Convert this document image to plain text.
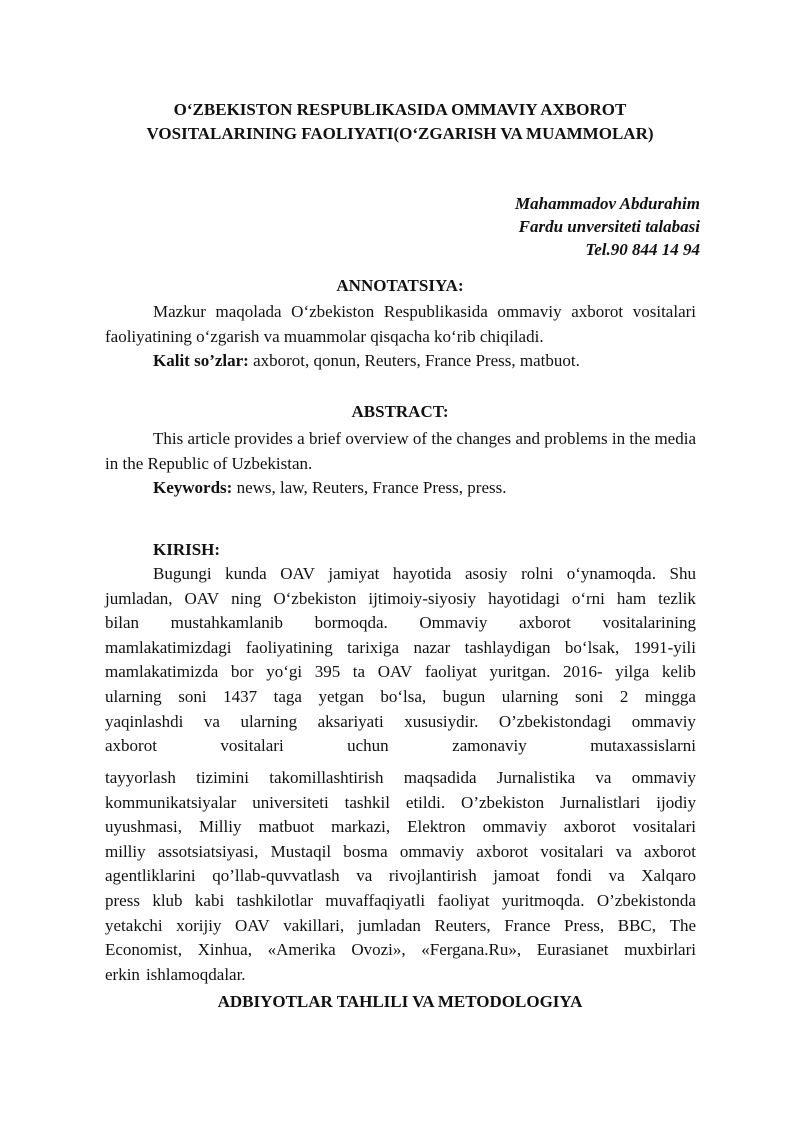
O‘ZBEKISTON RESPUBLIKASIDA OMMAVIY AXBOROT
VOSITALARINING FAOLIYATI(O‘ZGARISH VA MUAMMOLAR)
Mahammadov Abdurahim
Fardu unversiteti talabasi
Tel.90 844 14 94
ANNOTATSIYA:

Mazkur maqolada O‘zbekiston Respublikasida ommaviy axborot vositalari faoliyatining o‘zgarish va muammolar qisqacha ko‘rib chiqiladi.

Kalit so’zlar: axborot, qonun, Reuters, France Press, matbuot.

ABSTRACT:

This article provides a brief overview of the changes and problems in the media in the Republic of Uzbekistan.

Keywords: news, law, Reuters, France Press, press.

KIRISH:
Bugungi kunda OAV jamiyat hayotida asosiy rolni o‘ynamoqda. Shu
jumladan, OAV ning O‘zbekiston ijtimoiy-siyosiy hayotidagi o‘rni ham tezlik
bilan mustahkamlanib bormoqda. Ommaviy axborot vositalarining
mamlakatimizdagi faoliyatining tarixiga nazar tashlaydigan bo‘lsak, 1991-yili
mamlakatimizda bor yo‘gi 395 ta OAV faoliyat yuritgan. 2016- yilga kelib
ularning soni 1437 taga yetgan bo‘lsa, bugun ularning soni 2 mingga
yaqinlashdi va ularning aksariyati xususiydir. O’zbekistondagi ommaviy
axborot	vositalari	uchun	zamonaviy	mutaxassislarni
tayyorlash tizimini takomillashtirish maqsadida Jurnalistika va ommaviy
kommunikatsiyalar universiteti tashkil etildi. O’zbekiston Jurnalistlari ijodiy
uyushmasi, Milliy matbuot markazi, Elektron ommaviy axborot vositalari
milliy assotsiatsiyasi, Mustaqil bosma ommaviy axborot vositalari va axborot
agentliklarini qo’llab-quvvatlash va rivojlantirish jamoat fondi va Xalqaro
press klub kabi tashkilotlar muvaffaqiyatli faoliyat yuritmoqda. O’zbekistonda
yetakchi xorijiy OAV vakillari, jumladan Reuters, France Press, BBC, The
Economist, Xinhua, «Amerika Ovozi», «Fergana.Ru», Eurasianet muxbirlari
erkin ishlamoqdalar.
ADBIYOTLAR TAHLILI VA METODOLOGIYA
